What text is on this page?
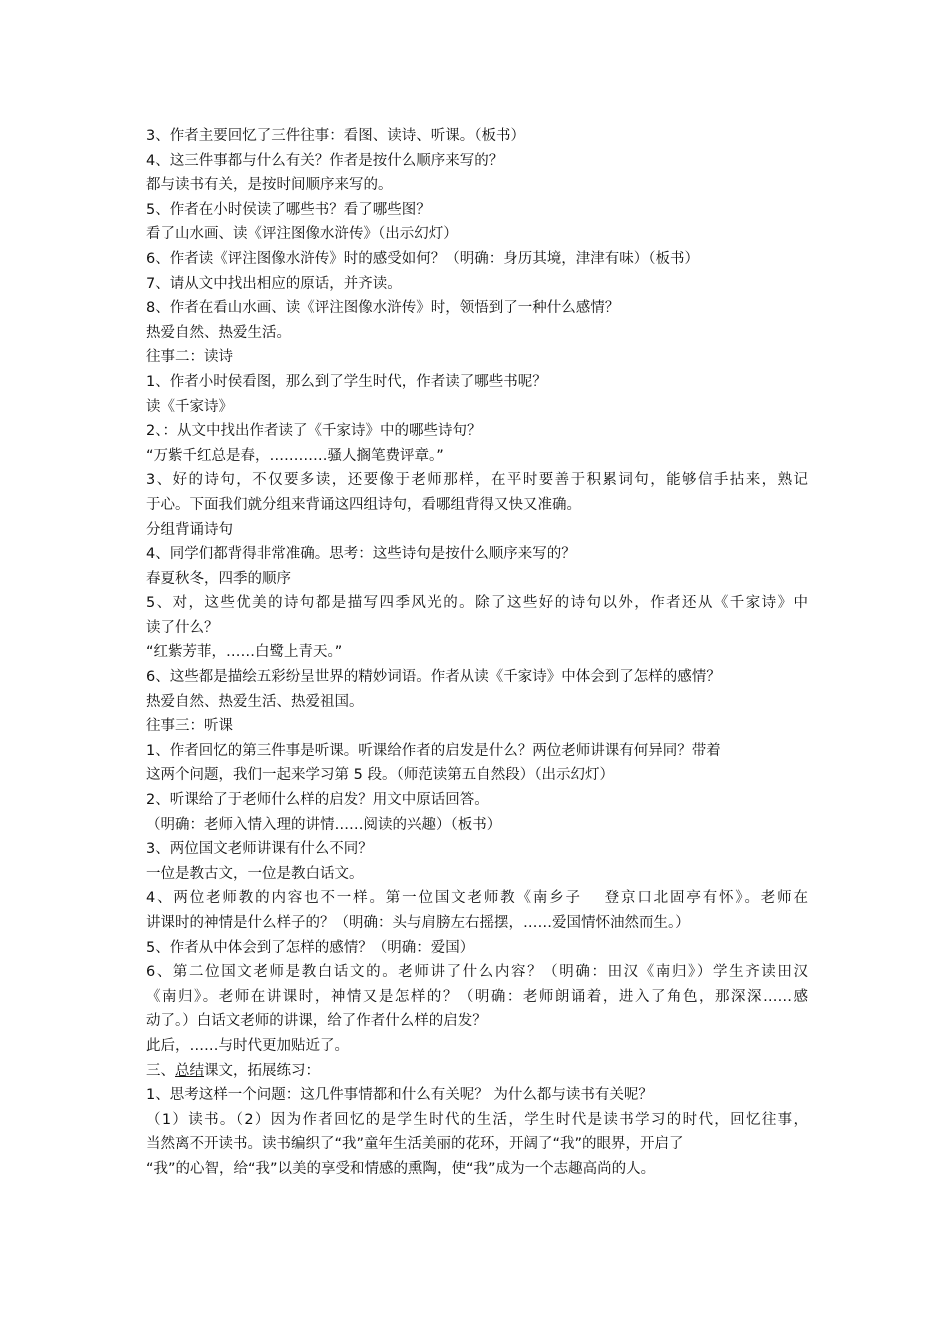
3、作者主要回忆了三件往事：看图、读诗、听课。（板书）
4、这三件事都与什么有关？作者是按什么顺序来写的？
都与读书有关，是按时间顺序来写的。
5、作者在小时侯读了哪些书？看了哪些图？
看了山水画、读《评注图像水浒传》（出示幻灯）
6、作者读《评注图像水浒传》时的感受如何？（明确：身历其境，津津有味）（板书）
7、请从文中找出相应的原话，并齐读。
8、作者在看山水画、读《评注图像水浒传》时，领悟到了一种什么感情？
热爱自然、热爱生活。
往事二：读诗
1、作者小时侯看图，那么到了学生时代，作者读了哪些书呢？
读《千家诗》
2、：从文中找出作者读了《千家诗》中的哪些诗句？
“万紫千红总是春，…………骚人搁笔费评章。”
3、好的诗句，不仅要多读，还要像于老师那样，在平时要善于积累词句，能够信手拈来，熟记
于心。下面我们就分组来背诵这四组诗句，看哪组背得又快又准确。
分组背诵诗句
4、同学们都背得非常准确。思考：这些诗句是按什么顺序来写的？
春夏秋冬，四季的顺序
5、对，这些优美的诗句都是描写四季风光的。除了这些好的诗句以外，作者还从《千家诗》中
读了什么？
“红紫芳菲，……白鹭上青天。”
6、这些都是描绘五彩纷呈世界的精妙词语。作者从读《千家诗》中体会到了怎样的感情？
热爱自然、热爱生活、热爱祖国。
往事三：听课
1、作者回忆的第三件事是听课。听课给作者的启发是什么？两位老师讲课有何异同？带着
这两个问题，我们一起来学习第 5 段。（师范读第五自然段）（出示幻灯）
2、听课给了于老师什么样的启发？用文中原话回答。
（明确：老师入情入理的讲情……阅读的兴趣）（板书）
3、两位国文老师讲课有什么不同？
一位是教古文，一位是教白话文。
4、两位老师教的内容也不一样。第一位国文老师教《南乡子　 登京口北固亭有怀》。老师在
讲课时的神情是什么样子的？（明确：头与肩膀左右摇摆，……爱国情怀油然而生。）
5、作者从中体会到了怎样的感情？（明确：爱国）
6、第二位国文老师是教白话文的。老师讲了什么内容？（明确：田汉《南归》）学生齐读田汉
《南归》。老师在讲课时，神情又是怎样的？（明确：老师朗诵着，进入了角色，那深深……感
动了。）白话文老师的讲课，给了作者什么样的启发？
此后，……与时代更加贴近了。
三、总结课文，拓展练习：
1、思考这样一个问题：这几件事情都和什么有关呢？ 为什么都与读书有关呢？
（1）读书。（2）因为作者回忆的是学生时代的生活，学生时代是读书学习的时代，回忆往事，
当然离不开读书。读书编织了“我”童年生活美丽的花环，开阔了“我”的眼界，开启了
“我”的心智，给“我”以美的享受和情感的熏陶，使“我”成为一个志趣高尚的人。
